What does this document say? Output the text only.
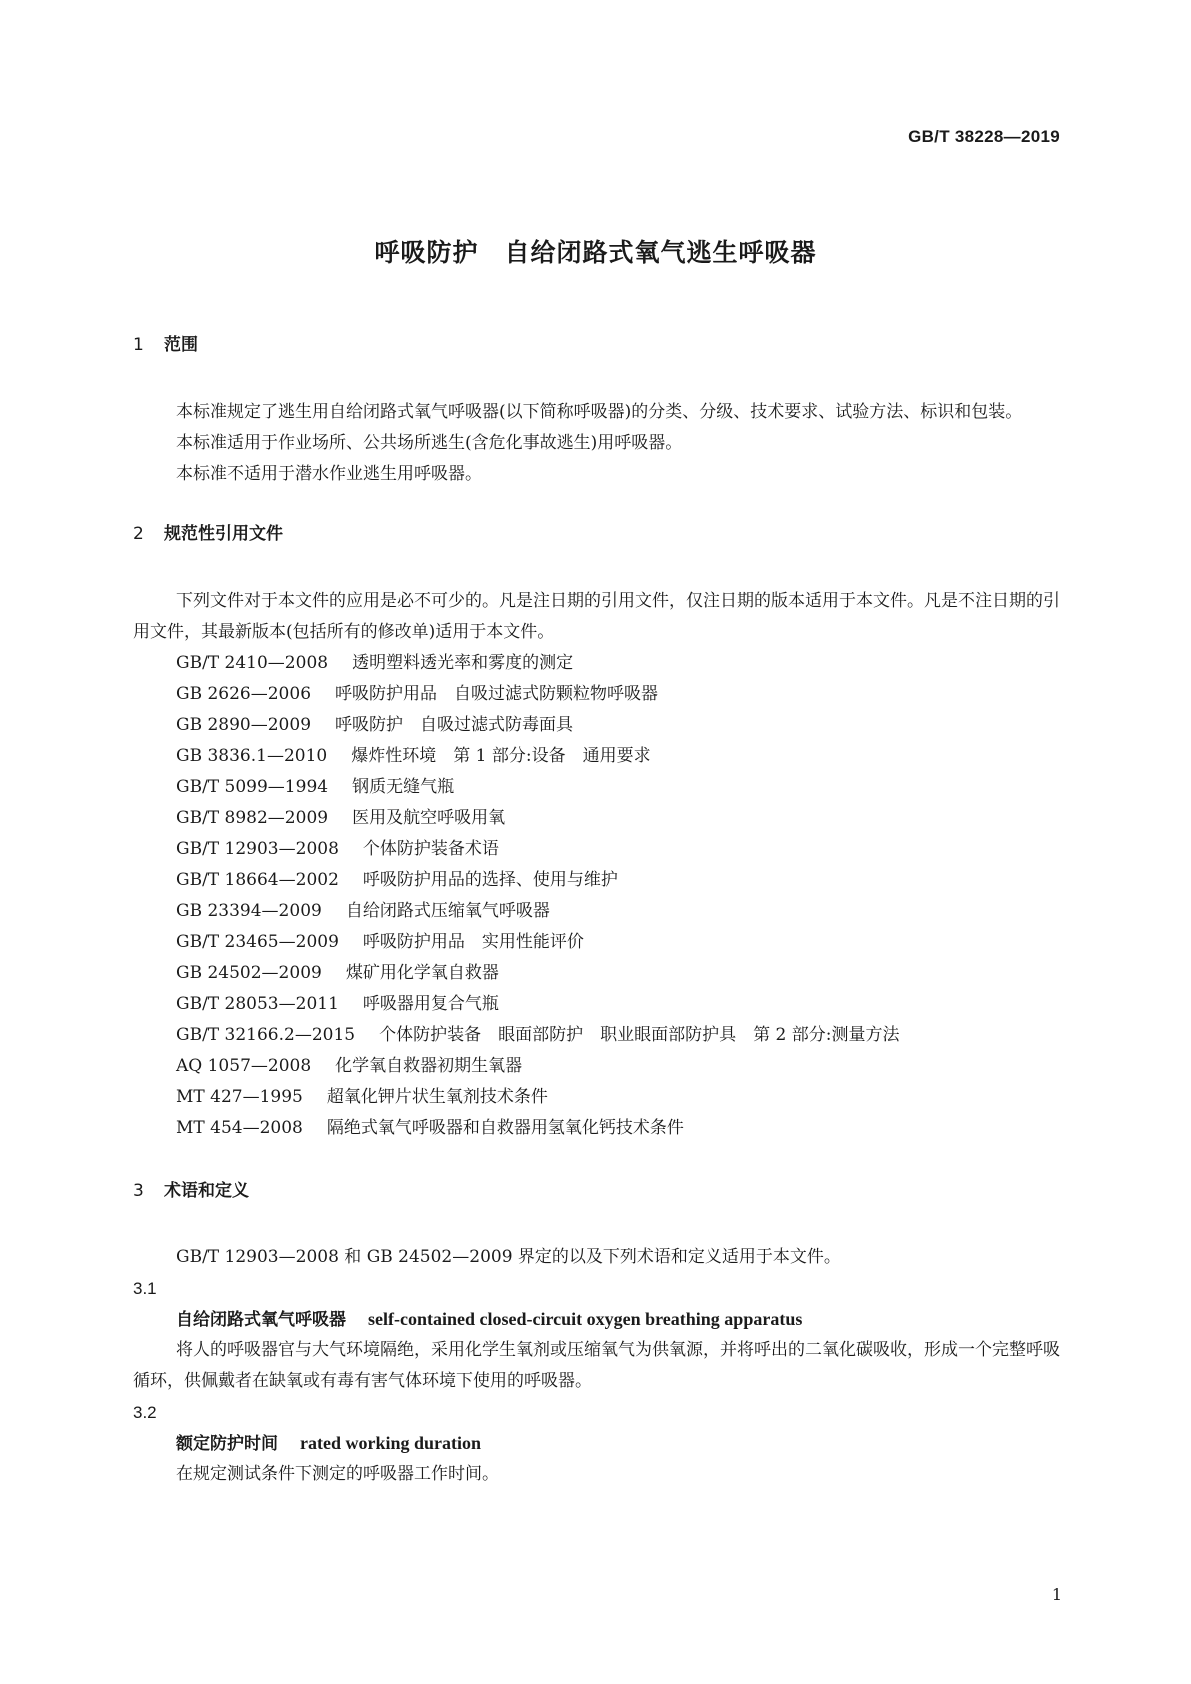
GB/T 38228—2019
呼吸防护　自给闭路式氧气逃生呼吸器
1 范围
本标准规定了逃生用自给闭路式氧气呼吸器(以下简称呼吸器)的分类、分级、技术要求、试验方法、标识和包装。
本标准适用于作业场所、公共场所逃生(含危化事故逃生)用呼吸器。
本标准不适用于潜水作业逃生用呼吸器。
2 规范性引用文件
下列文件对于本文件的应用是必不可少的。凡是注日期的引用文件，仅注日期的版本适用于本文件。凡是不注日期的引用文件，其最新版本(包括所有的修改单)适用于本文件。
GB/T 2410—2008 透明塑料透光率和雾度的测定
GB 2626—2006 呼吸防护用品　自吸过滤式防颗粒物呼吸器
GB 2890—2009 呼吸防护　自吸过滤式防毒面具
GB 3836.1—2010 爆炸性环境　第 1 部分:设备　通用要求
GB/T 5099—1994 钢质无缝气瓶
GB/T 8982—2009 医用及航空呼吸用氧
GB/T 12903—2008 个体防护装备术语
GB/T 18664—2002 呼吸防护用品的选择、使用与维护
GB 23394—2009 自给闭路式压缩氧气呼吸器
GB/T 23465—2009 呼吸防护用品　实用性能评价
GB 24502—2009 煤矿用化学氧自救器
GB/T 28053—2011 呼吸器用复合气瓶
GB/T 32166.2—2015 个体防护装备　眼面部防护　职业眼面部防护具　第 2 部分:测量方法
AQ 1057—2008 化学氧自救器初期生氧器
MT 427—1995 超氧化钾片状生氧剂技术条件
MT 454—2008 隔绝式氧气呼吸器和自救器用氢氧化钙技术条件
3 术语和定义
GB/T 12903—2008 和 GB 24502—2009 界定的以及下列术语和定义适用于本文件。
3.1
自给闭路式氧气呼吸器 self-contained closed-circuit oxygen breathing apparatus
将人的呼吸器官与大气环境隔绝，采用化学生氧剂或压缩氧气为供氧源，并将呼出的二氧化碳吸收，形成一个完整呼吸循环，供佩戴者在缺氧或有毒有害气体环境下使用的呼吸器。
3.2
额定防护时间 rated working duration
在规定测试条件下测定的呼吸器工作时间。
1
